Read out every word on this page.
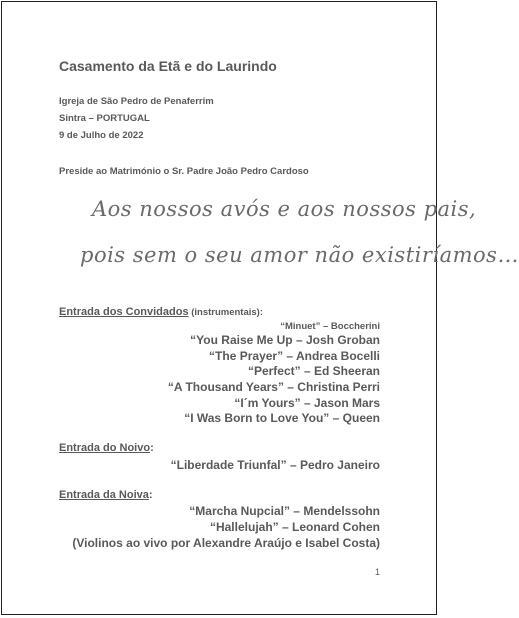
Casamento da Etã e do Laurindo
Igreja de São Pedro de Penaferrim
Sintra – PORTUGAL
9 de Julho de 2022
Preside ao Matrimónio o Sr. Padre João Pedro Cardoso
Aos nossos avós e aos nossos pais,
pois sem o seu amor não existiríamos…
Entrada dos Convidados (instrumentais):
“Minuet” – Boccherini
“You Raise Me Up – Josh Groban
“The Prayer” – Andrea Bocelli
“Perfect” – Ed Sheeran
“A Thousand Years” – Christina Perri
“I´m Yours” – Jason Mars
“I Was Born to Love You” – Queen
Entrada do Noivo:
“Liberdade Triunfal” – Pedro Janeiro
Entrada da Noiva:
“Marcha Nupcial” – Mendelssohn
“Hallelujah” – Leonard Cohen
(Violinos ao vivo por Alexandre Araújo e Isabel Costa)
1
